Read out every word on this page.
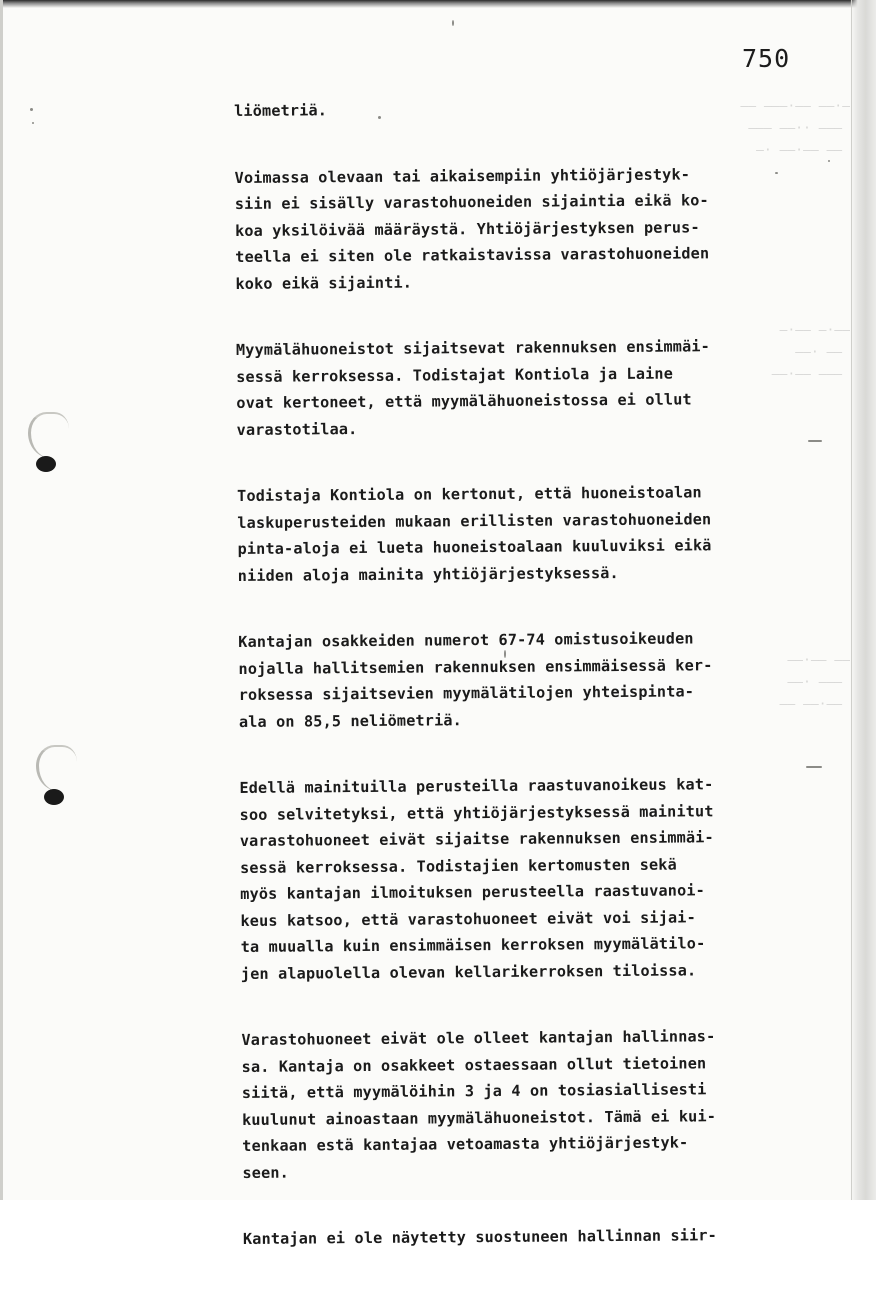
—·—— ——·——— ——
——— ··—— ———
—— ——·—— ·—
——·— ——·—
—— ·——
——— ——·——
—— ——·——
——— ·——
——·—— ——
750
liömetriä.
Voimassa olevaan tai aikaisempiin yhtiöjärjestyk-
siin ei sisälly varastohuoneiden sijaintia eikä ko-
koa yksilöivää määräystä. Yhtiöjärjestyksen perus-
teella ei siten ole ratkaistavissa varastohuoneiden
koko eikä sijainti.
Myymälähuoneistot sijaitsevat rakennuksen ensimmäi-
sessä kerroksessa. Todistajat Kontiola ja Laine
ovat kertoneet, että myymälähuoneistossa ei ollut
varastotilaa.
Todistaja Kontiola on kertonut, että huoneistoalan
laskuperusteiden mukaan erillisten varastohuoneiden
pinta-aloja ei lueta huoneistoalaan kuuluviksi eikä
niiden aloja mainita yhtiöjärjestyksessä.
Kantajan osakkeiden numerot 67-74 omistusoikeuden
nojalla hallitsemien rakennuksen ensimmäisessä ker-
roksessa sijaitsevien myymälätilojen yhteispinta-
ala on 85,5 neliömetriä.
Edellä mainituilla perusteilla raastuvanoikeus kat-
soo selvitetyksi, että yhtiöjärjestyksessä mainitut
varastohuoneet eivät sijaitse rakennuksen ensimmäi-
sessä kerroksessa. Todistajien kertomusten sekä
myös kantajan ilmoituksen perusteella raastuvanoi-
keus katsoo, että varastohuoneet eivät voi sijai-
ta muualla kuin ensimmäisen kerroksen myymälätilo-
jen alapuolella olevan kellarikerroksen tiloissa.
Varastohuoneet eivät ole olleet kantajan hallinnas-
sa. Kantaja on osakkeet ostaessaan ollut tietoinen
siitä, että myymälöihin 3 ja 4 on tosiasiallisesti
kuulunut ainoastaan myymälähuoneistot. Tämä ei kui-
tenkaan estä kantajaa vetoamasta yhtiöjärjestyk-
seen.
Kantajan ei ole näytetty suostuneen hallinnan siir-
